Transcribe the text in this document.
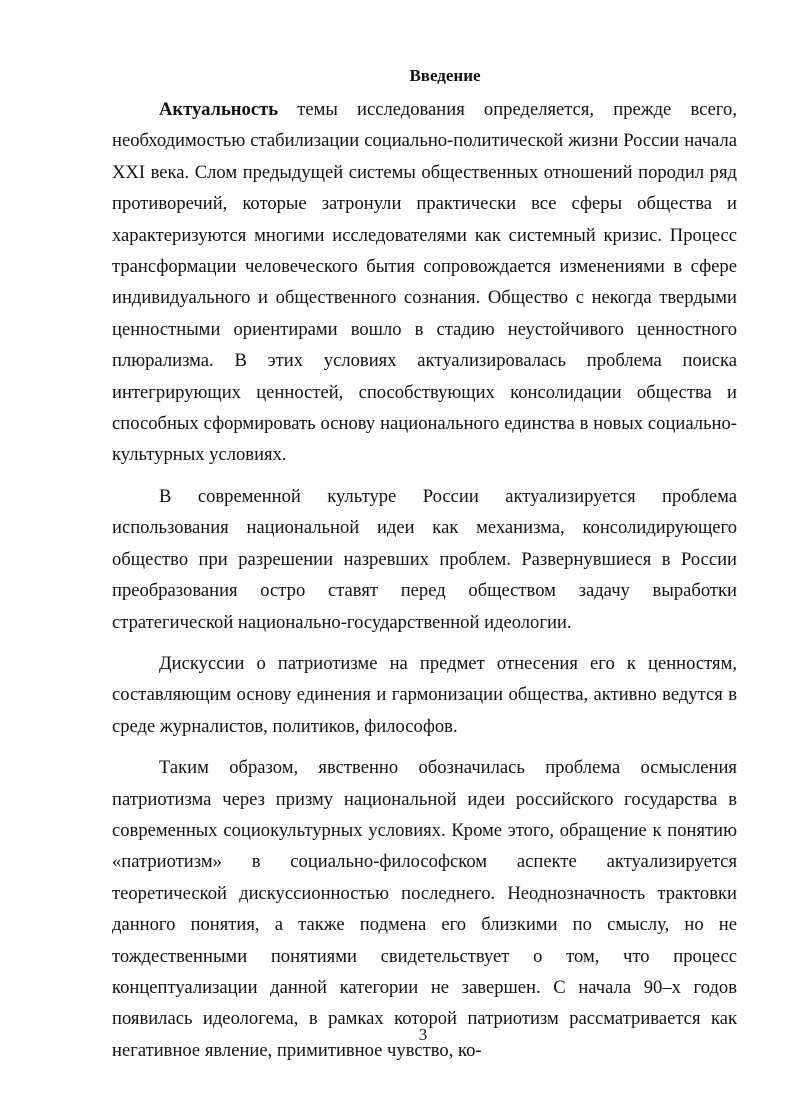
Введение

Актуальность темы исследования определяется, прежде всего, необходимостью стабилизации социально-политической жизни России начала XXI века. Слом предыдущей системы общественных отношений породил ряд противоречий, которые затронули практически все сферы общества и характеризуются многими исследователями как системный кризис. Процесс трансформации человеческого бытия сопровождается изменениями в сфере индивидуального и общественного сознания. Общество с некогда твердыми ценностными ориентирами вошло в стадию неустойчивого ценностного плюрализма. В этих условиях актуализировалась проблема поиска интегрирующих ценностей, способствующих консолидации общества и способных сформировать основу национального единства в новых социально-культурных условиях.

В современной культуре России актуализируется проблема использования национальной идеи как механизма, консолидирующего общество при разрешении назревших проблем. Развернувшиеся в России преобразования остро ставят перед обществом задачу выработки стратегической национально-государственной идеологии.

Дискуссии о патриотизме на предмет отнесения его к ценностям, составляющим основу единения и гармонизации общества, активно ведутся в среде журналистов, политиков, философов.

Таким образом, явственно обозначилась проблема осмысления патриотизма через призму национальной идеи российского государства в современных социокультурных условиях. Кроме этого, обращение к понятию «патриотизм» в социально-философском аспекте актуализируется теоретической дискуссионностью последнего. Неоднозначность трактовки данного понятия, а также подмена его близкими по смыслу, но не тождественными понятиями свидетельствует о том, что процесс концептуализации данной категории не завершен. С начала 90–х годов появилась идеологема, в рамках которой патриотизм рассматривается как негативное явление, примитивное чувство, ко-

3
